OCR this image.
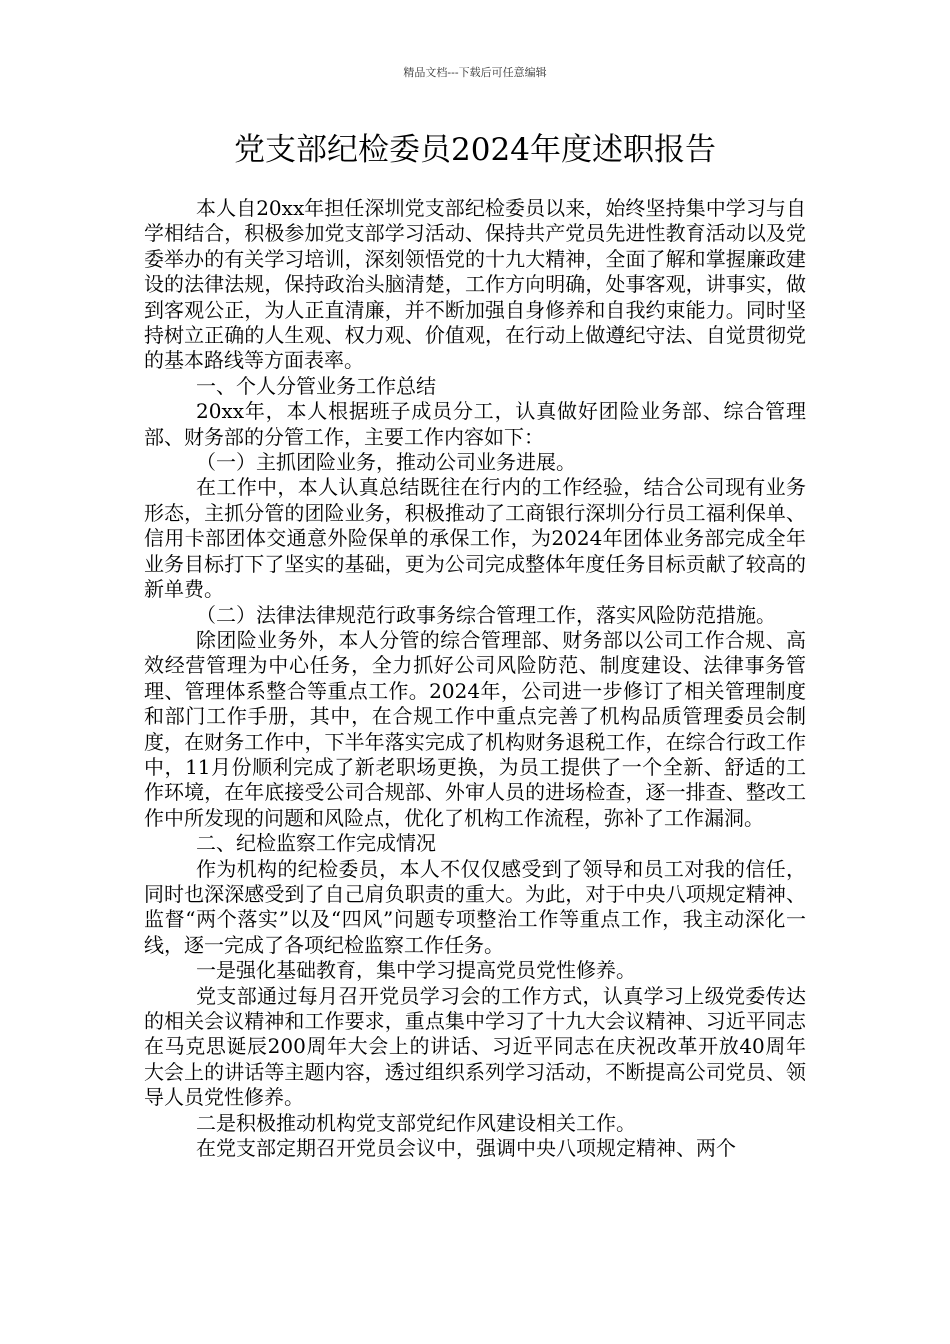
精品文档---下载后可任意编辑
党支部纪检委员2024年度述职报告

本人自20xx年担任深圳党支部纪检委员以来，始终坚持集中学习与自学相结合，积极参加党支部学习活动、保持共产党员先进性教育活动以及党委举办的有关学习培训，深刻领悟党的十九大精神，全面了解和掌握廉政建设的法律法规，保持政治头脑清楚，工作方向明确，处事客观，讲事实，做到客观公正，为人正直清廉，并不断加强自身修养和自我约束能力。同时坚持树立正确的人生观、权力观、价值观，在行动上做遵纪守法、自觉贯彻党的基本路线等方面表率。

一、个人分管业务工作总结

20xx年，本人根据班子成员分工，认真做好团险业务部、综合管理部、财务部的分管工作，主要工作内容如下：

（一）主抓团险业务，推动公司业务进展。

在工作中，本人认真总结既往在行内的工作经验，结合公司现有业务形态，主抓分管的团险业务，积极推动了工商银行深圳分行员工福利保单、信用卡部团体交通意外险保单的承保工作，为2024年团体业务部完成全年业务目标打下了坚实的基础，更为公司完成整体年度任务目标贡献了较高的新单费。

（二）法律法律规范行政事务综合管理工作，落实风险防范措施。

除团险业务外，本人分管的综合管理部、财务部以公司工作合规、高效经营管理为中心任务，全力抓好公司风险防范、制度建设、法律事务管理、管理体系整合等重点工作。2024年，公司进一步修订了相关管理制度和部门工作手册，其中，在合规工作中重点完善了机构品质管理委员会制度，在财务工作中，下半年落实完成了机构财务退税工作，在综合行政工作中，11月份顺利完成了新老职场更换，为员工提供了一个全新、舒适的工作环境，在年底接受公司合规部、外审人员的进场检查，逐一排查、整改工作中所发现的问题和风险点，优化了机构工作流程，弥补了工作漏洞。

二、纪检监察工作完成情况

作为机构的纪检委员，本人不仅仅感受到了领导和员工对我的信任，同时也深深感受到了自己肩负职责的重大。为此，对于中央八项规定精神、监督“两个落实”以及“四风”问题专项整治工作等重点工作，我主动深化一线，逐一完成了各项纪检监察工作任务。

一是强化基础教育，集中学习提高党员党性修养。

党支部通过每月召开党员学习会的工作方式，认真学习上级党委传达的相关会议精神和工作要求，重点集中学习了十九大会议精神、习近平同志在马克思诞辰200周年大会上的讲话、习近平同志在庆祝改革开放40周年大会上的讲话等主题内容，透过组织系列学习活动，不断提高公司党员、领导人员党性修养。

二是积极推动机构党支部党纪作风建设相关工作。

在党支部定期召开党员会议中，强调中央八项规定精神、两个
